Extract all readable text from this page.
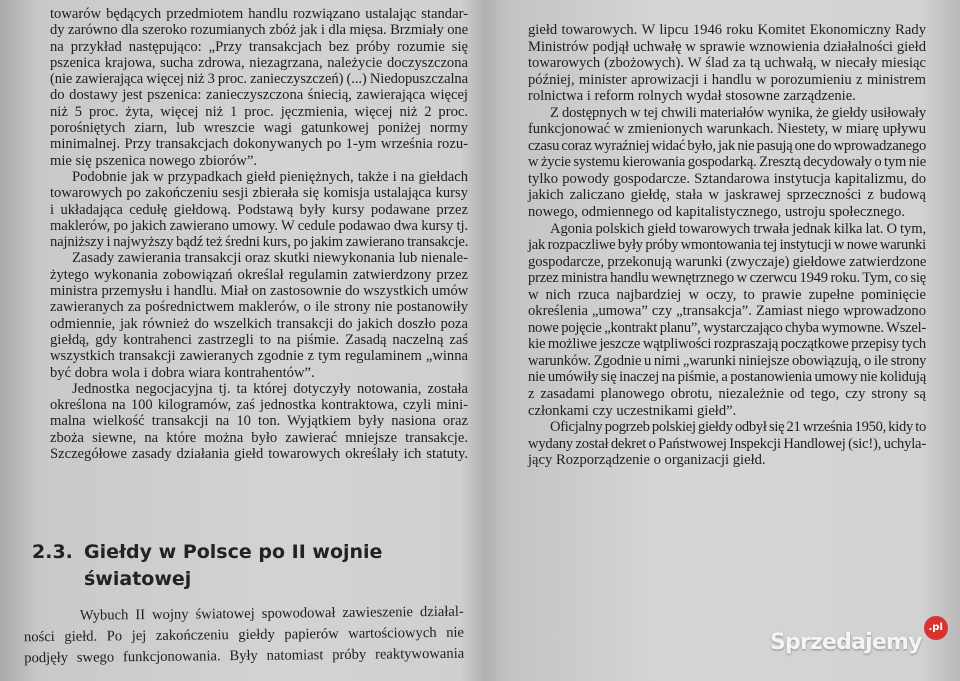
towarów będących przedmiotem handlu rozwiązano ustalając standar-
dy zarówno dla szeroko rozumianych zbóż jak i dla mięsa. Brzmiały one
na przykład następująco: „Przy transakcjach bez próby rozumie się
pszenica krajowa, sucha zdrowa, niezagrzana, należycie doczyszczona
(nie zawierająca więcej niż 3 proc. zanieczyszczeń) (...) Niedopuszczalna
do dostawy jest pszenica: zanieczyszczona śniecią, zawierająca więcej
niż 5 proc. żyta, więcej niż 1 proc. jęczmienia, więcej niż 2 proc.
porośniętych ziarn, lub wreszcie wagi gatunkowej poniżej normy
minimalnej. Przy transakcjach dokonywanych po 1-ym września rozu-
mie się pszenica nowego zbiorów”.
Podobnie jak w przypadkach giełd pieniężnych, także i na giełdach
towarowych po zakończeniu sesji zbierała się komisja ustalająca kursy
i układająca cedułę giełdową. Podstawą były kursy podawane przez
maklerów, po jakich zawierano umowy. W cedule podawao dwa kursy tj.
najniższy i najwyższy bądź też średni kurs, po jakim zawierano transakcje.
Zasady zawierania transakcji oraz skutki niewykonania lub nienale-
żytego wykonania zobowiązań określał regulamin zatwierdzony przez
ministra przemysłu i handlu. Miał on zastosownie do wszystkich umów
zawieranych za pośrednictwem maklerów, o ile strony nie postanowiły
odmiennie, jak również do wszelkich transakcji do jakich doszło poza
giełdą, gdy kontrahenci zastrzegli to na piśmie. Zasadą naczelną zaś
wszystkich transakcji zawieranych zgodnie z tym regulaminem „winna
być dobra wola i dobra wiara kontrahentów”.
Jednostka negocjacyjna tj. ta której dotyczyły notowania, została
określona na 100 kilogramów, zaś jednostka kontraktowa, czyli mini-
malna wielkość transakcji na 10 ton. Wyjątkiem były nasiona oraz
zboża siewne, na które można było zawierać mniejsze transakcje.
Szczegółowe zasady działania giełd towarowych określały ich statuty.
2.3. Giełdy w Polsce po II wojnie
światowej
Wybuch II wojny światowej spowodował zawieszenie działal-
ności giełd. Po jej zakończeniu giełdy papierów wartościowych nie
podjęły swego funkcjonowania. Były natomiast próby reaktywowania
giełd towarowych. W lipcu 1946 roku Komitet Ekonomiczny Rady
Ministrów podjął uchwałę w sprawie wznowienia działalności giełd
towarowych (zbożowych). W ślad za tą uchwałą, w niecały miesiąc
później, minister aprowizacji i handlu w porozumieniu z ministrem
rolnictwa i reform rolnych wydał stosowne zarządzenie.
Z dostępnych w tej chwili materiałów wynika, że giełdy usiłowały
funkcjonować w zmienionych warunkach. Niestety, w miarę upływu
czasu coraz wyraźniej widać było, jak nie pasują one do wprowadzanego
w życie systemu kierowania gospodarką. Zresztą decydowały o tym nie
tylko powody gospodarcze. Sztandarowa instytucja kapitalizmu, do
jakich zaliczano giełdę, stała w jaskrawej sprzeczności z budową
nowego, odmiennego od kapitalistycznego, ustroju społecznego.
Agonia polskich giełd towarowych trwała jednak kilka lat. O tym,
jak rozpaczliwe były próby wmontowania tej instytucji w nowe warunki
gospodarcze, przekonują warunki (zwyczaje) giełdowe zatwierdzone
przez ministra handlu wewnętrznego w czerwcu 1949 roku. Tym, co się
w nich rzuca najbardziej w oczy, to prawie zupełne pominięcie
określenia „umowa” czy „transakcja”. Zamiast niego wprowadzono
nowe pojęcie „kontrakt planu”, wystarczająco chyba wymowne. Wszel-
kie możliwe jeszcze wątpliwości rozpraszają początkowe przepisy tych
warunków. Zgodnie u nimi „warunki niniejsze obowiązują, o ile strony
nie umówiły się inaczej na piśmie, a postanowienia umowy nie kolidują
z zasadami planowego obrotu, niezależnie od tego, czy strony są
członkami czy uczestnikami giełd”.
Oficjalny pogrzeb polskiej giełdy odbył się 21 września 1950, kidy to
wydany został dekret o Państwowej Inspekcji Handlowej (sic!), uchyla-
jący Rozporządzenie o organizacji giełd.
Sprzedajemy
.pl
